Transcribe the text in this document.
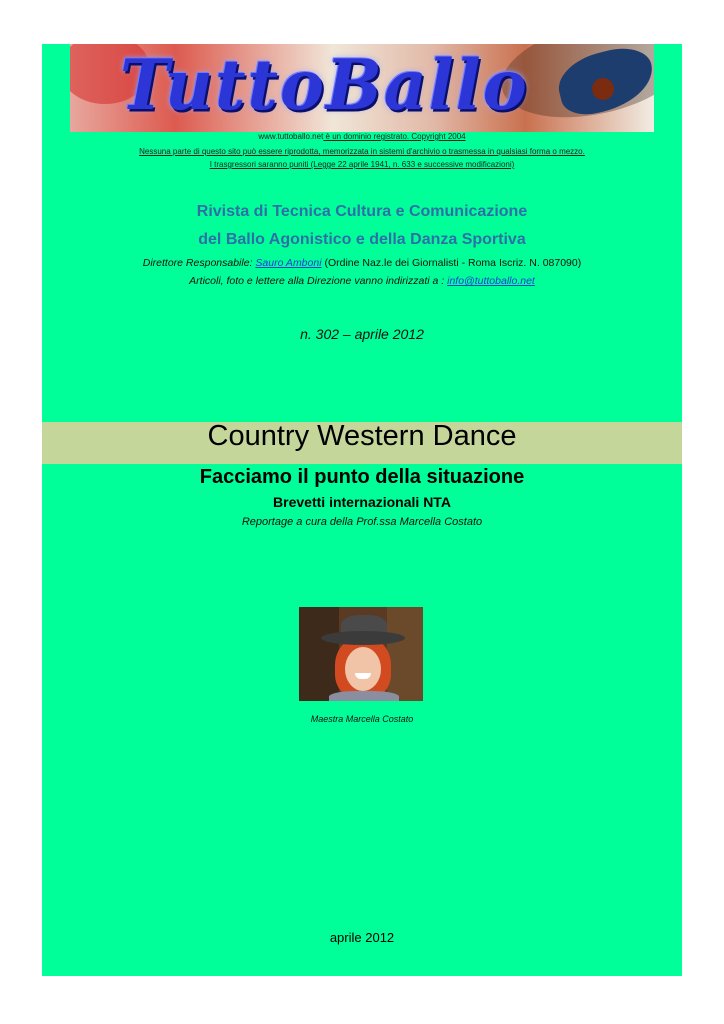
TuttoBallo
www.tuttoballo.net è un dominio registrato. Copyright 2004
Nessuna parte di questo sito può essere riprodotta, memorizzata in sistemi d'archivio o trasmessa in qualsiasi forma o mezzo.
I trasgressori saranno puniti (Legge 22 aprile 1941, n. 633 e successive modificazioni)
Rivista di Tecnica Cultura e Comunicazione
del Ballo Agonistico e della Danza Sportiva
Direttore Responsabile: Sauro Amboni (Ordine Naz.le dei Giornalisti - Roma Iscriz. N. 087090)
Articoli, foto e lettere alla Direzione vanno indirizzati a : info@tuttoballo.net
n. 302 – aprile 2012
Country Western Dance
Facciamo il punto della situazione
Brevetti internazionali NTA
Reportage a cura della Prof.ssa Marcella Costato
Maestra Marcella Costato
aprile 2012
